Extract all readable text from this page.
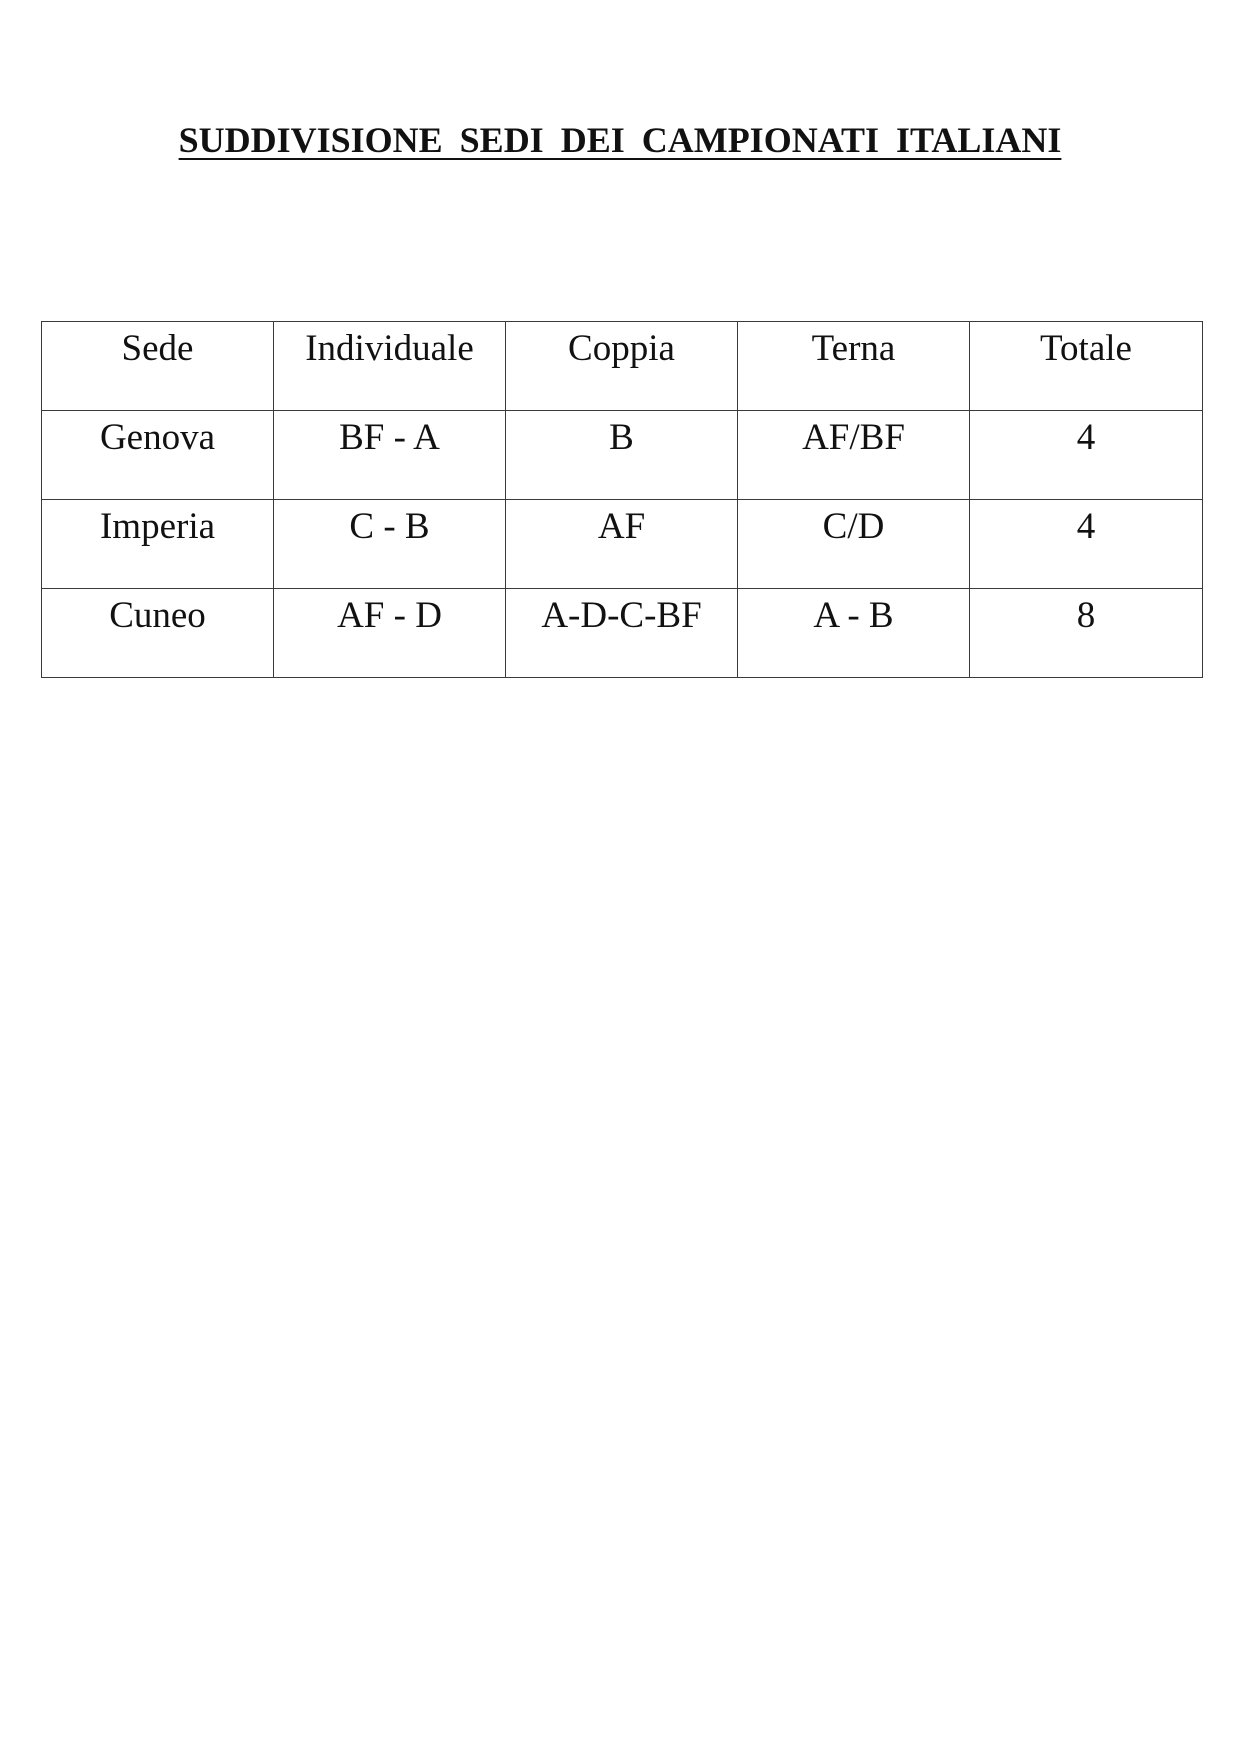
SUDDIVISIONE SEDI DEI CAMPIONATI ITALIANI
Sede	Individuale	Coppia	Terna	Totale

Genova	BF - A	B	AF/BF	4

Imperia	C - B	AF	C/D	4

Cuneo	AF - D	A-D-C-BF	A - B	8
